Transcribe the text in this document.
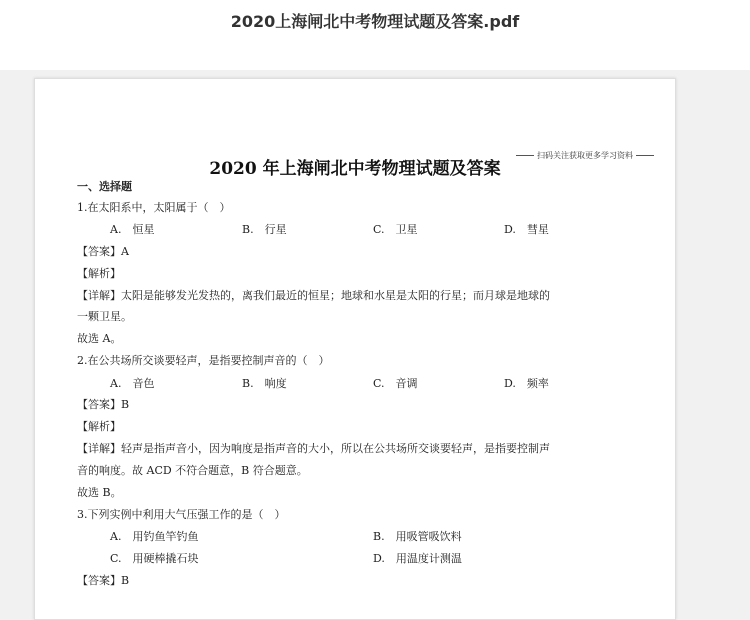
2020上海闸北中考物理试题及答案.pdf
扫码关注获取更多学习资料
2020 年上海闸北中考物理试题及答案
一、选择题
1.在太阳系中，太阳属于（　）
A.　恒星	B.　行星	C.　卫星	D.　彗星
【答案】A
【解析】
【详解】太阳是能够发光发热的，离我们最近的恒星；地球和水星是太阳的行星；而月球是地球的
一颗卫星。
故选 A。
2.在公共场所交谈要轻声，是指要控制声音的（　）
A.　音色	B.　响度	C.　音调	D.　频率
【答案】B
【解析】
【详解】轻声是指声音小，因为响度是指声音的大小，所以在公共场所交谈要轻声，是指要控制声
音的响度。故 ACD 不符合题意，B 符合题意。
故选 B。
3.下列实例中利用大气压强工作的是（　）
A.　用钓鱼竿钓鱼	B.　用吸管吸饮料
C.　用硬棒撬石块	D.　用温度计测温
【答案】B
